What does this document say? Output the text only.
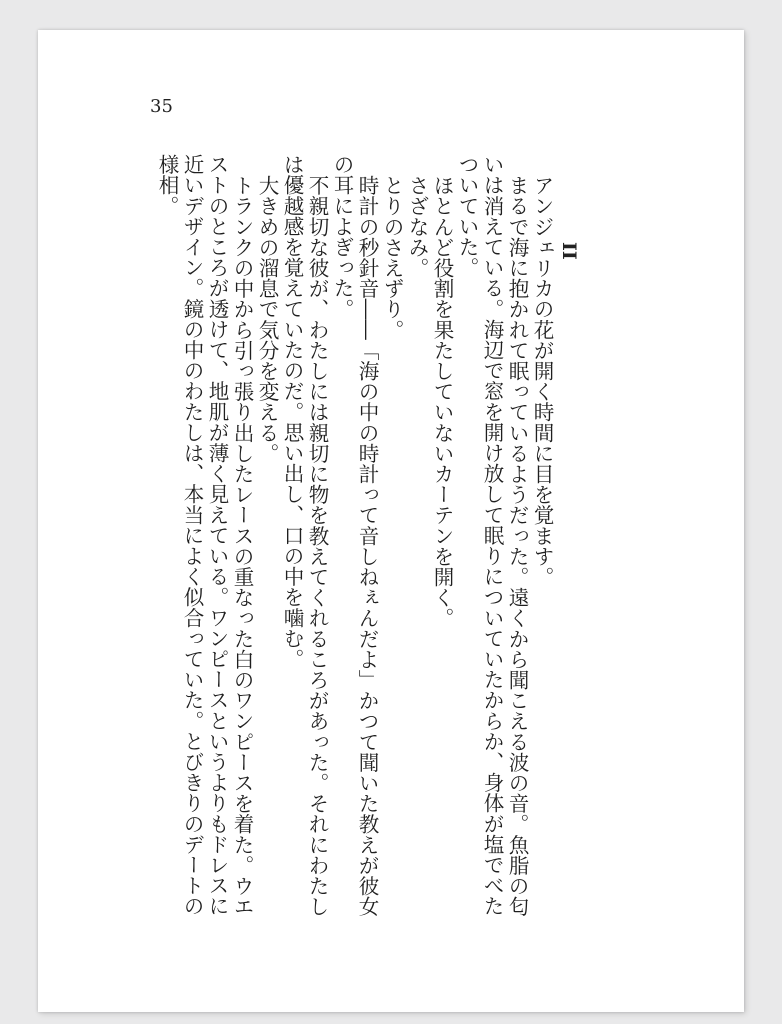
35

II

アンジェリカの花が開く時間に目を覚ます。

まるで海に抱かれて眠っているようだった。遠くから聞こえる波の音。魚脂の匂いは消えている。海辺で窓を開け放して眠りについていたからか、身体が塩でべたついていた。

ほとんど役割を果たしていないカーテンを開く。

さざなみ。

とりのさえずり。

時計の秒針音――「海の中の時計って音しねぇんだよ」かつて聞いた教えが彼女の耳によぎった。

不親切な彼が、わたしには親切に物を教えてくれるころがあった。それにわたしは優越感を覚えていたのだ。思い出し、口の中を噛む。

大きめの溜息で気分を変える。

トランクの中から引っ張り出したレースの重なった白のワンピースを着た。ウエストのところが透けて、地肌が薄く見えている。ワンピースというよりもドレスに近いデザイン。鏡の中のわたしは、本当によく似合っていた。とびきりのデートの様相。
